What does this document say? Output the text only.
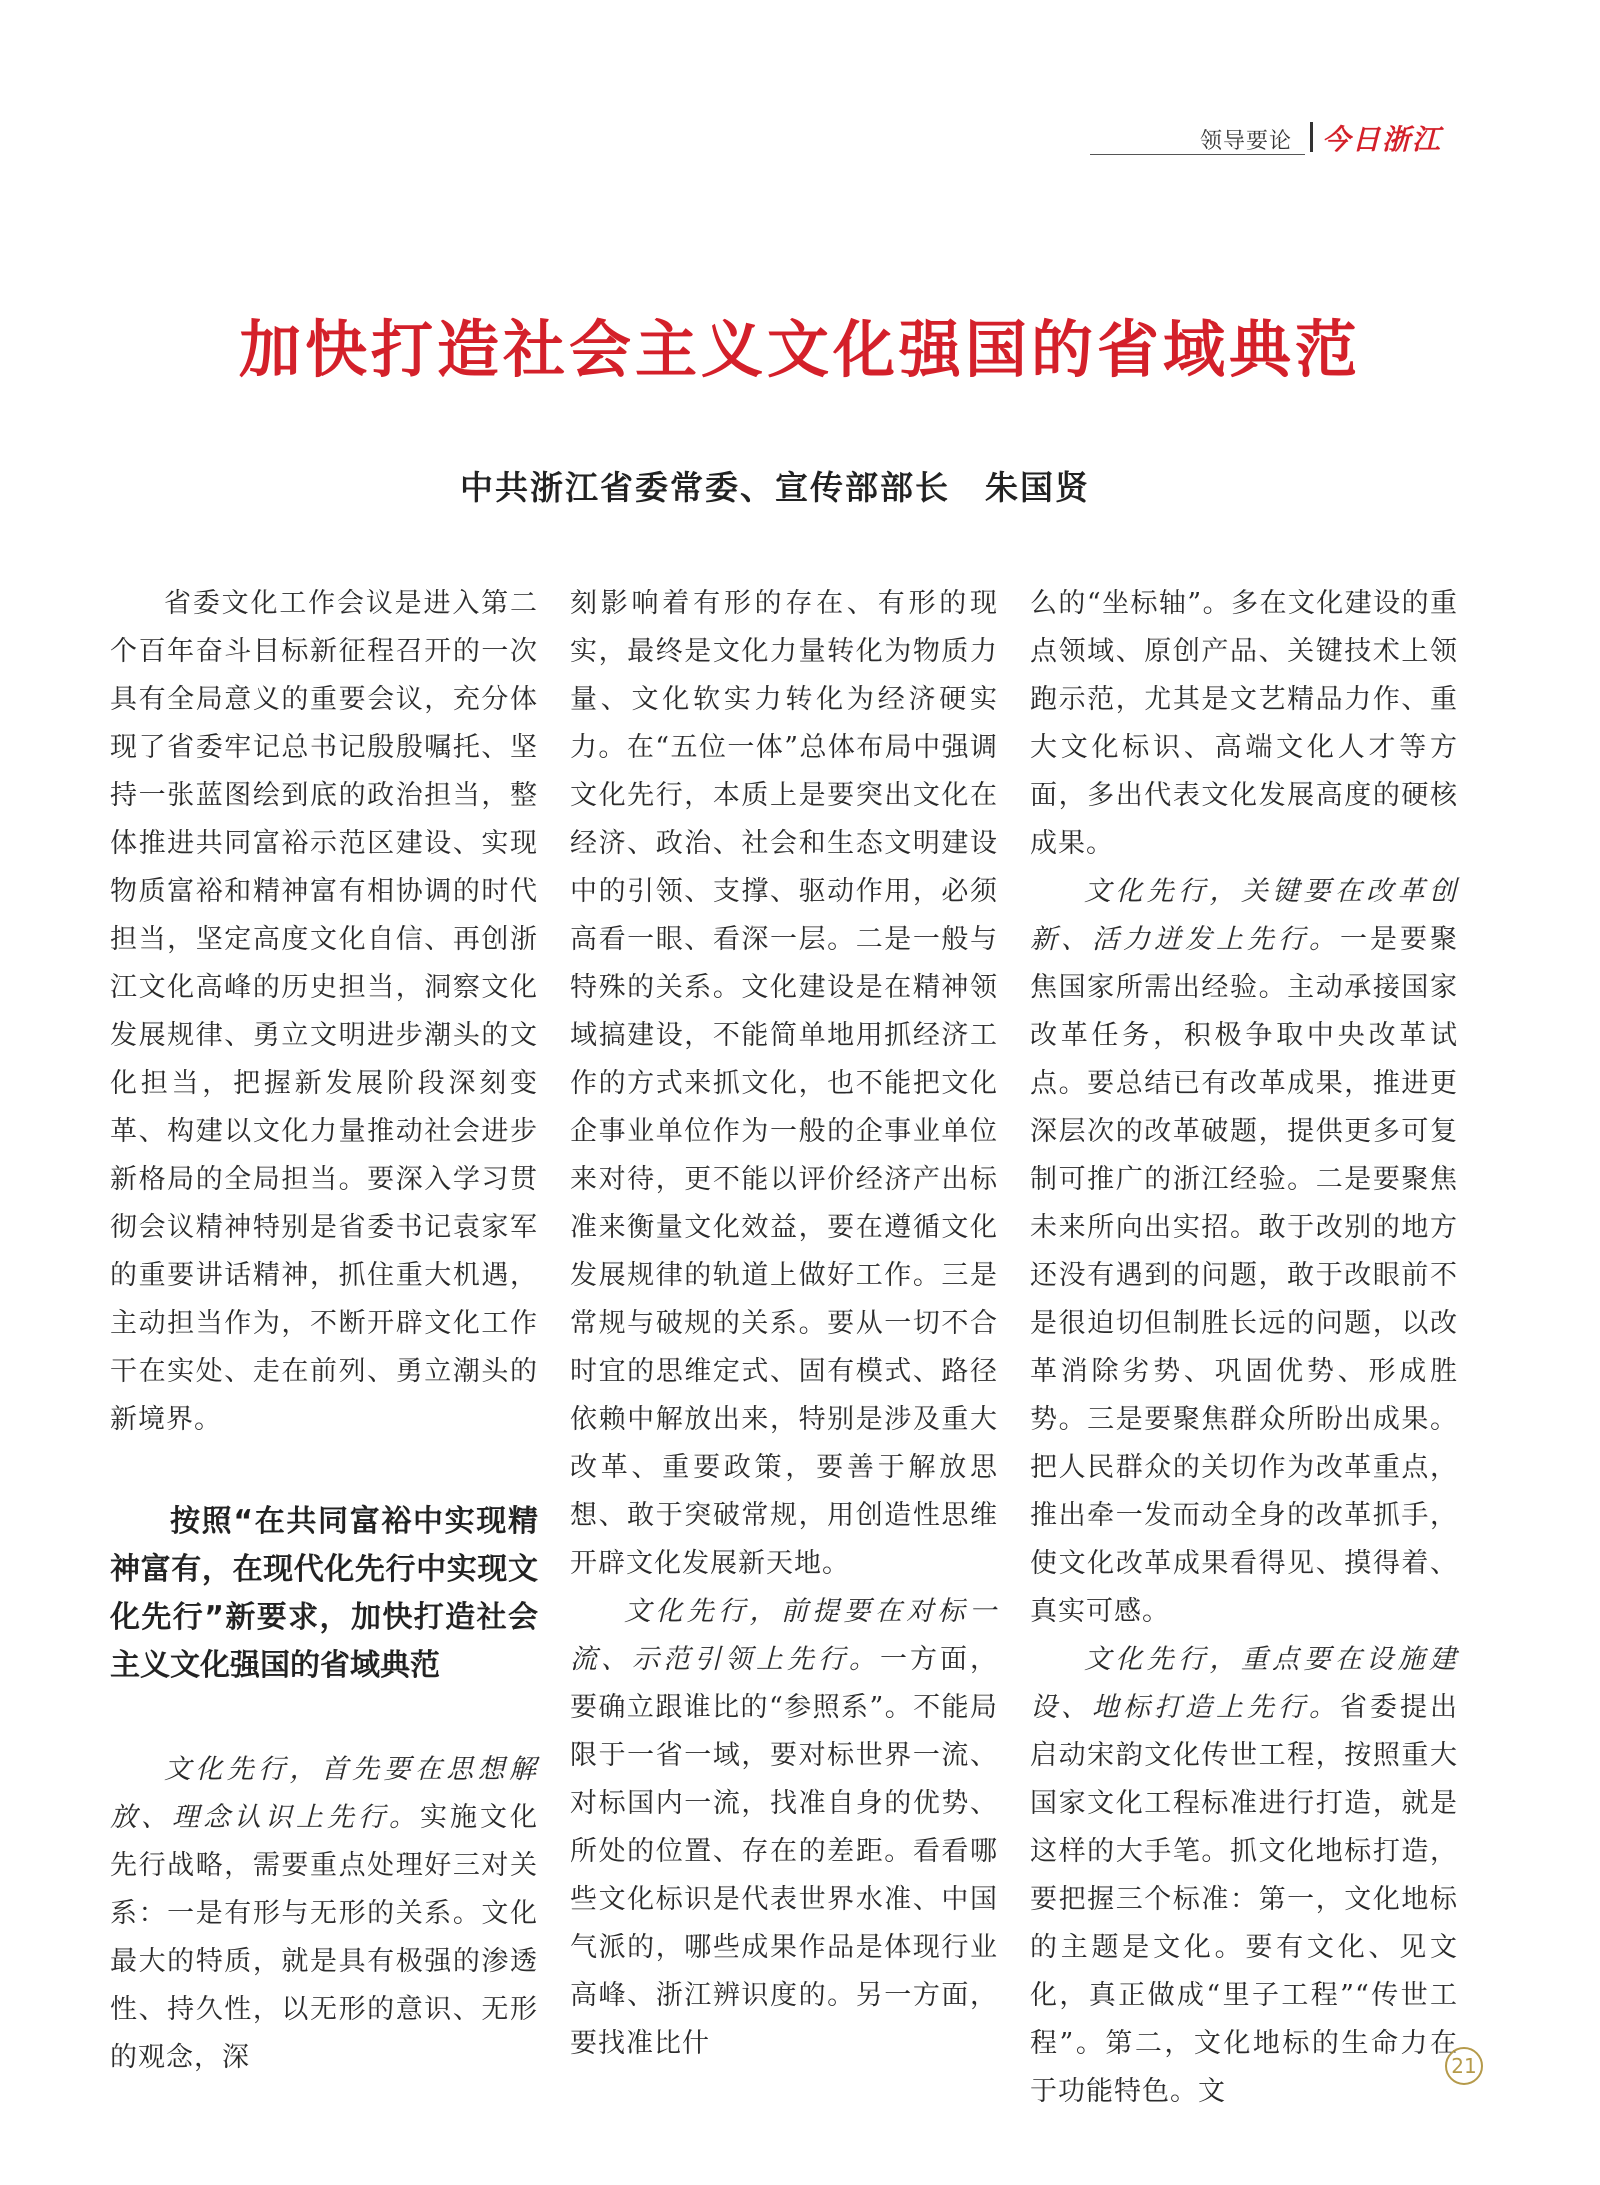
领导要论 今日浙江
加快打造社会主义文化强国的省域典范
中共浙江省委常委、宣传部部长　朱国贤

省委文化工作会议是进入第二个百年奋斗目标新征程召开的一次具有全局意义的重要会议，充分体现了省委牢记总书记殷殷嘱托、坚持一张蓝图绘到底的政治担当，整体推进共同富裕示范区建设、实现物质富裕和精神富有相协调的时代担当，坚定高度文化自信、再创浙江文化高峰的历史担当，洞察文化发展规律、勇立文明进步潮头的文化担当，把握新发展阶段深刻变革、构建以文化力量推动社会进步新格局的全局担当。要深入学习贯彻会议精神特别是省委书记袁家军的重要讲话精神，抓住重大机遇，主动担当作为，不断开辟文化工作干在实处、走在前列、勇立潮头的新境界。

按照“在共同富裕中实现精神富有，在现代化先行中实现文化先行”新要求，加快打造社会主义文化强国的省域典范

文化先行，首先要在思想解放、理念认识上先行。实施文化先行战略，需要重点处理好三对关系：一是有形与无形的关系。文化最大的特质，就是具有极强的渗透性、持久性，以无形的意识、无形的观念，深

刻影响着有形的存在、有形的现实，最终是文化力量转化为物质力量、文化软实力转化为经济硬实力。在“五位一体”总体布局中强调文化先行，本质上是要突出文化在经济、政治、社会和生态文明建设中的引领、支撑、驱动作用，必须高看一眼、看深一层。二是一般与特殊的关系。文化建设是在精神领域搞建设，不能简单地用抓经济工作的方式来抓文化，也不能把文化企事业单位作为一般的企事业单位来对待，更不能以评价经济产出标准来衡量文化效益，要在遵循文化发展规律的轨道上做好工作。三是常规与破规的关系。要从一切不合时宜的思维定式、固有模式、路径依赖中解放出来，特别是涉及重大改革、重要政策，要善于解放思想、敢于突破常规，用创造性思维开辟文化发展新天地。

文化先行，前提要在对标一流、示范引领上先行。一方面，要确立跟谁比的“参照系”。不能局限于一省一域，要对标世界一流、对标国内一流，找准自身的优势、所处的位置、存在的差距。看看哪些文化标识是代表世界水准、中国气派的，哪些成果作品是体现行业高峰、浙江辨识度的。另一方面，要找准比什

么的“坐标轴”。多在文化建设的重点领域、原创产品、关键技术上领跑示范，尤其是文艺精品力作、重大文化标识、高端文化人才等方面，多出代表文化发展高度的硬核成果。

文化先行，关键要在改革创新、活力迸发上先行。一是要聚焦国家所需出经验。主动承接国家改革任务，积极争取中央改革试点。要总结已有改革成果，推进更深层次的改革破题，提供更多可复制可推广的浙江经验。二是要聚焦未来所向出实招。敢于改别的地方还没有遇到的问题，敢于改眼前不是很迫切但制胜长远的问题，以改革消除劣势、巩固优势、形成胜势。三是要聚焦群众所盼出成果。把人民群众的关切作为改革重点，推出牵一发而动全身的改革抓手，使文化改革成果看得见、摸得着、真实可感。

文化先行，重点要在设施建设、地标打造上先行。省委提出启动宋韵文化传世工程，按照重大国家文化工程标准进行打造，就是这样的大手笔。抓文化地标打造，要把握三个标准：第一，文化地标的主题是文化。要有文化、见文化，真正做成“里子工程”“传世工程”。第二，文化地标的生命力在于功能特色。文

21
